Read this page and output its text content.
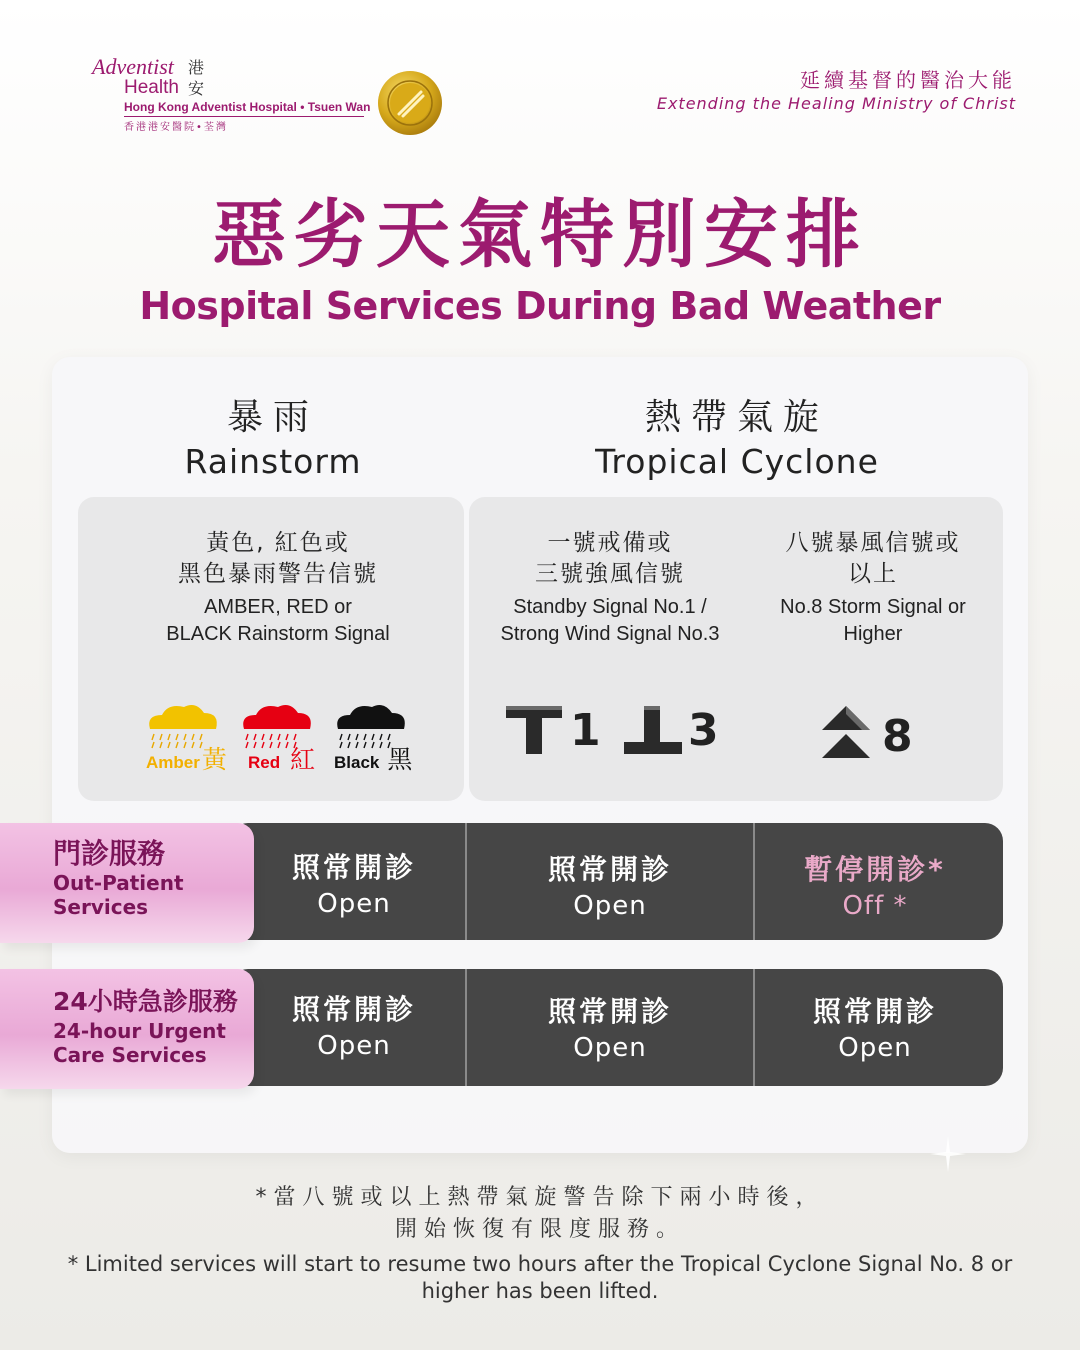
Adventist 港
Health 安
Hong Kong Adventist Hospital • Tsuen Wan
香港港安醫院•荃灣
延續基督的醫治大能
Extending the Healing Ministry of Christ
惡劣天氣特別安排
Hospital Services During Bad Weather
暴雨
Rainstorm
熱帶氣旋
Tropical Cyclone
黃色, 紅色或
黑色暴雨警告信號
AMBER, RED or
BLACK Rainstorm Signal
Amber黃 Red 紅 Black 黑
一號戒備或
三號強風信號
Standby Signal No.1 /
Strong Wind Signal No.3
1 3
八號暴風信號或
以上
No.8 Storm Signal or
Higher
8
門診服務
Out-Patient
Services
照常開診
Open
照常開診
Open
暫停開診*
Off *
24小時急診服務
24-hour Urgent
Care Services
照常開診
Open
照常開診
Open
照常開診
Open
*當八號或以上熱帶氣旋警告除下兩小時後，
開始恢復有限度服務。
* Limited services will start to resume two hours after the Tropical Cyclone Signal No. 8 or
higher has been lifted.
